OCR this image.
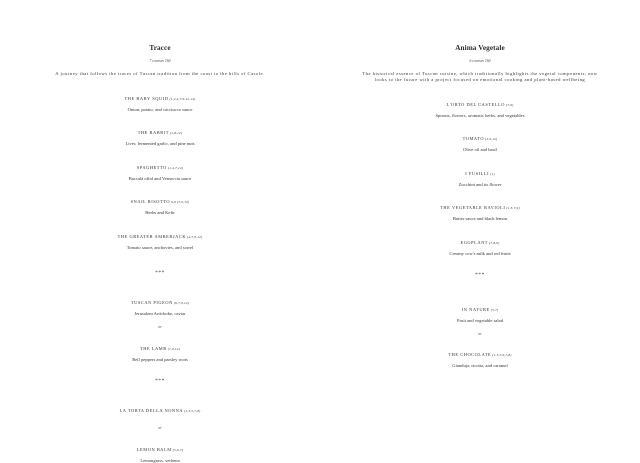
Tracce
7 courses 160
A journey that follows the traces of Tuscan tradition from the coast to the hills of Casole.
THE BABY SQUID(1,2,4,7,9,12,14)
Onion, potato, and cacciucco sauce
THE RABBIT(1,8,12)
Liver, fermented garlic, and pine nuts
SPAGHETTO(1,4,7,12)
Baccalà offal and Vernaccia sauce
SNAIL RISOTTO6,9 (7,9,12)
Herbs and Kefir
THE GREATER AMBERJACK(4,7,9,12)
Tomato sauce, anchovies, and sorrel
***
TUSCAN PIGEON(6,7,9,12)
Jerusalem Artichoke, caviar
or
THE LAMB(7,9,12)
Bell peppers and parsley roots
***
LA TORTA DELLA NONNA(1,3,5,7,8)
or
LEMON BALM(5,6,7)
Lemongrass, verbena
Anima Vegetale
6 courses 160
The historical essence of Tuscan cuisine, which traditionally highlights the vegetal components, now looks to the future with a project focused on emotional cooking and plant-based wellbeing
L'ORTO DEL CASTELLO(7,9)
Sprouts, flowers, aromatic herbs, and vegetables
TOMATO(1,9,12)
Olive oil and basil
I FUSILLI(1)
Zucchini and its flower
THE VEGETABLE RAVIOLI(1,3,7,9)
Butter sauce and black lemon
EGGPLANT(7,8,9)
Creamy cow's milk and red fruits
***
IN NATURE(5,7)
Fruit and vegetable salad
or
THE CHOCOLATE(1,3,5,6,7,8)
Gianduja, ricotta, and caramel
